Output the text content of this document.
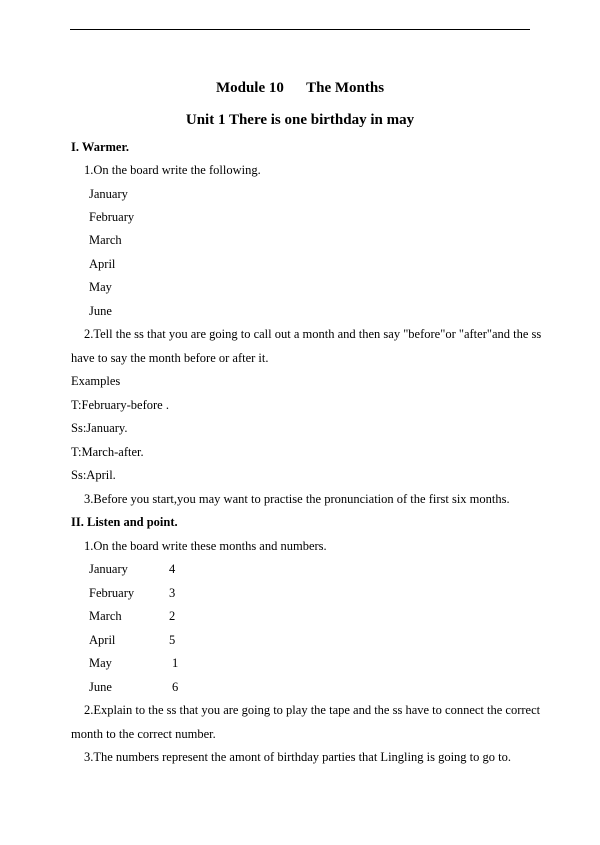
Module 10 The Months
Unit 1 There is one birthday in may
I. Warmer.
1.On the board write the following.
January
February
March
April
May
June
2.Tell the ss that you are going to call out a month and then say "before"or "after"and the ss
have to say the month before or after it.
Examples
T:February-before .
Ss:January.
T:March-after.
Ss:April.
3.Before you start,you may want to practise the pronunciation of the first six months.
II. Listen and point.
1.On the board write these months and numbers.
January	4
February	3
March	2
April	5
May	1
June	6
2.Explain to the ss that you are going to play the tape and the ss have to connect the correct
month to the correct number.
3.The numbers represent the amont of birthday parties that Lingling is going to go to.
